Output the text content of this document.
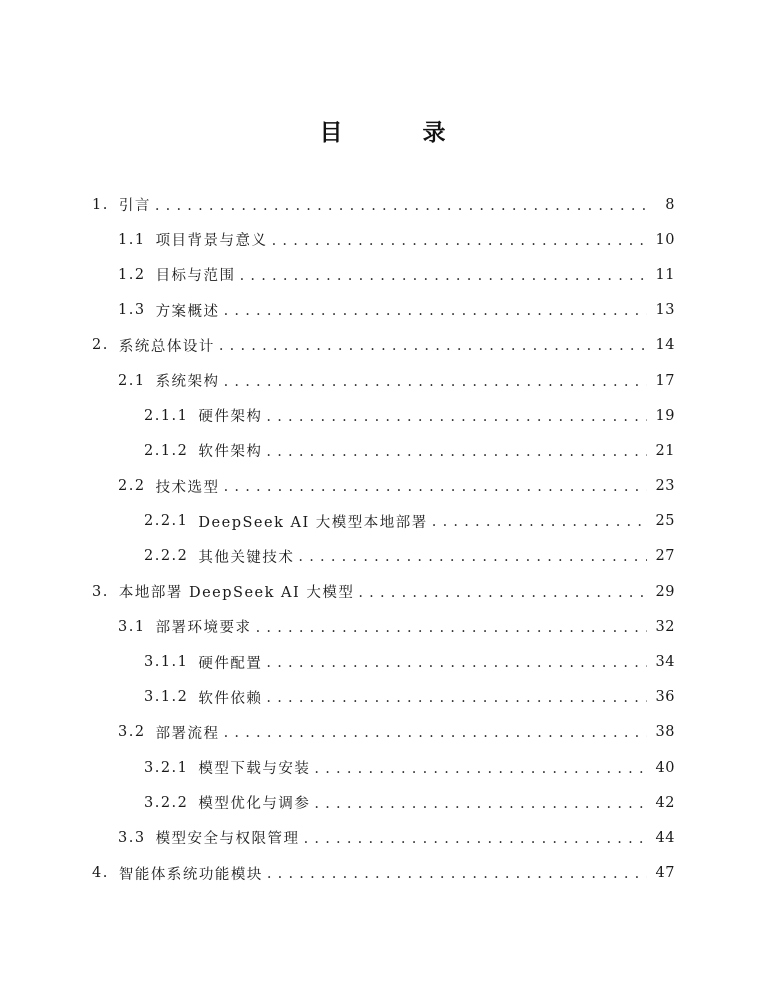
目 录
1. 引言 . . .	8
1.1 项目背景与意义 . . .	10
1.2 目标与范围 . . .	11
1.3 方案概述 . . .	13
2. 系统总体设计 . . .	14
2.1 系统架构 . . .	17
2.1.1 硬件架构 . . .	19
2.1.2 软件架构 . . .	21
2.2 技术选型 . . .	23
2.2.1 DeepSeek AI 大模型本地部署 . . .	25
2.2.2 其他关键技术 . . .	27
3. 本地部署 DeepSeek AI 大模型 . . .	29
3.1 部署环境要求 . . .	32
3.1.1 硬件配置 . . .	34
3.1.2 软件依赖 . . .	36
3.2 部署流程 . . .	38
3.2.1 模型下载与安装 . . .	40
3.2.2 模型优化与调参 . . .	42
3.3 模型安全与权限管理 . . .	44
4. 智能体系统功能模块 . . .	47
